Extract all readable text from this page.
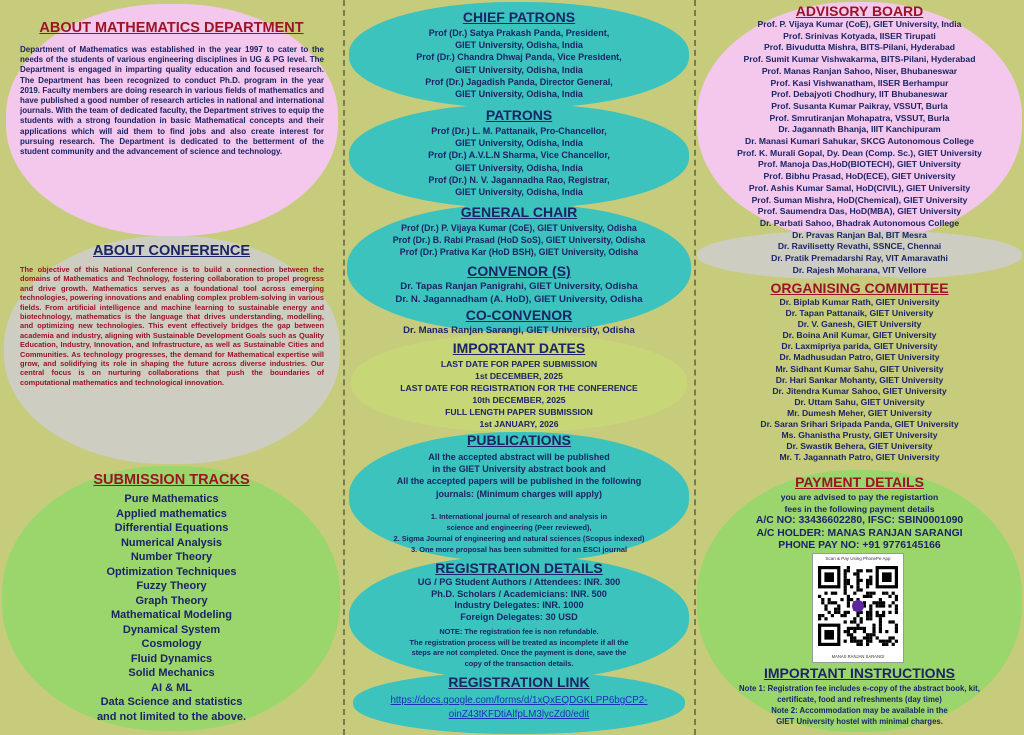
ABOUT MATHEMATICS DEPARTMENT
Department of Mathematics was established in the year 1997 to cater to the needs of the students of various engineering disciplines in UG & PG level. The Department is engaged in imparting quality education and focused research. The Department has been recognized to conduct Ph.D. program in the year 2019. Faculty members are doing research in various fields of mathematics and have published a good number of research articles in national and international journals. With the team of dedicated faculty, the Department strives to equip the students with a strong foundation in basic Mathematical concepts and their applications which will aid them to find jobs and also create interest for pursuing research. The Department is dedicated to the betterment of the student community and the advancement of science and technology.
ABOUT CONFERENCE
The objective of this National Conference is to build a connection between the domains of Mathematics and Technology, fostering collaboration to propel progress and drive growth. Mathematics serves as a foundational tool across emerging technologies, powering innovations and enabling complex problem-solving in various fields. From artificial intelligence and machine learning to sustainable energy and biotechnology, mathematics is the language that drives understanding, modelling, and optimizing new technologies. This event effectively bridges the gap between academia and industry, aligning with Sustainable Development Goals such as Quality Education, Industry, Innovation, and Infrastructure, as well as Sustainable Cities and Communities. As technology progresses, the demand for Mathematical expertise will grow, and solidifying its role in shaping the future across diverse industries. Our central focus is on nurturing collaborations that push the boundaries of computational mathematics and technological innovation.
SUBMISSION TRACKS
Pure Mathematics
Applied mathematics
Differential Equations
Numerical Analysis
Number Theory
Optimization Techniques
Fuzzy Theory
Graph Theory
Mathematical Modeling
Dynamical System
Cosmology
Fluid Dynamics
Solid Mechanics
AI & ML
Data Science and statistics
and not limited to the above.
CHIEF PATRONS
Prof (Dr.) Satya Prakash Panda, President,
GIET University, Odisha, India
Prof (Dr.) Chandra Dhwaj Panda, Vice President,
GIET University, Odisha, India
Prof (Dr.) Jagadish Panda, Director General,
GIET University, Odisha, India
PATRONS
Prof (Dr.) L. M. Pattanaik, Pro-Chancellor,
GIET University, Odisha, India
Prof (Dr.) A.V.L.N Sharma, Vice Chancellor,
GIET University, Odisha, India
Prof (Dr.) N. V. Jagannadha Rao, Registrar,
GIET University, Odisha, India
GENERAL CHAIR
Prof (Dr.) P. Vijaya Kumar (CoE), GIET University, Odisha
Prof (Dr.) B. Rabi Prasad (HoD SoS), GIET University, Odisha
Prof (Dr.) Prativa Kar (HoD BSH), GIET University, Odisha
CONVENOR (S)
Dr. Tapas Ranjan Panigrahi, GIET University, Odisha
Dr. N. Jagannadham (A. HoD), GIET University, Odisha
CO-CONVENOR
Dr. Manas Ranjan Sarangi, GIET University, Odisha
IMPORTANT DATES
LAST DATE FOR PAPER SUBMISSION
1st DECEMBER, 2025
LAST DATE FOR REGISTRATION FOR THE CONFERENCE
10th DECEMBER, 2025
FULL LENGTH PAPER SUBMISSION
1st JANUARY, 2026
PUBLICATIONS
All the accepted abstract will be published
in the GIET University abstract book and
All the accepted papers will be published in the following
journals: (Minimum charges will apply)
1. International journal of research and analysis in
science and engineering (Peer reviewed),
2. Sigma Journal of engineering and natural sciences (Scopus indexed)
3. One more proposal has been submitted for an ESCI journal
REGISTRATION DETAILS
UG / PG Student Authors / Attendees: INR. 300
Ph.D. Scholars / Academicians: INR. 500
Industry Delegates: INR. 1000
Foreign Delegates: 30 USD
NOTE: The registration fee is non refundable.
The registration process will be treated as incomplete if all the
steps are not completed. Once the payment is done, save the
copy of the transaction details.
REGISTRATION LINK
https://docs.google.com/forms/d/1xQxEQDGKLPP6bgCP2-
oinZ43tKFDtiAlfpLM3lycZd0/edit
ADVISORY BOARD
Prof. P. Vijaya Kumar (CoE), GIET University, India
Prof. Srinivas Kotyada, IISER Tirupati
Prof. Bivudutta Mishra, BITS-Pilani, Hyderabad
Prof. Sumit Kumar Vishwakarma, BITS-Pilani, Hyderabad
Prof. Manas Ranjan Sahoo, Niser, Bhubaneswar
Prof. Kasi Vishwanatham, IISER Berhampur
Prof. Debajyoti Chodhury, IIT Bhubaneswar
Prof. Susanta Kumar Paikray, VSSUT, Burla
Prof. Smrutiranjan Mohapatra, VSSUT, Burla
Dr. Jagannath Bhanja, IIIT Kanchipuram
Dr. Manasi Kumari Sahukar, SKCG Autonomous College
Prof. K. Murali Gopal, Dy. Dean (Comp. Sc.), GIET University
Prof. Manoja Das,HoD(BIOTECH), GIET University
Prof. Bibhu Prasad, HoD(ECE), GIET University
Prof. Ashis Kumar Samal, HoD(CIVIL), GIET University
Prof. Suman Mishra, HoD(Chemical), GIET University
Prof. Saumendra Das, HoD(MBA), GIET University
Dr. Parbati Sahoo, Bhadrak Autonomous College
Dr. Pravas Ranjan Bal, BIT Mesra
Dr. Ravilisetty Revathi, SSNCE, Chennai
Dr. Pratik Premadarshi Ray, VIT Amaravathi
Dr. Rajesh Moharana, VIT Vellore
ORGANISING COMMITTEE
Dr. Biplab Kumar Rath, GIET University
Dr. Tapan Pattanaik, GIET University
Dr. V. Ganesh, GIET University
Dr. Boina Anil Kumar, GIET University
Dr. Laxmipriya parida, GIET University
Dr. Madhusudan Patro, GIET University
Mr. Sidhant Kumar Sahu, GIET University
Dr. Hari Sankar Mohanty, GIET University
Dr. Jitendra Kumar Sahoo, GIET University
Dr. Uttam Sahu, GIET University
Mr. Dumesh Meher, GIET University
Dr. Saran Srihari Sripada Panda, GIET University
Ms. Ghanistha Prusty, GIET University
Dr. Swastik Behera, GIET University
Mr. T. Jagannath Patro, GIET University
PAYMENT DETAILS
you are advised to pay the registartion
fees in the following payment details
A/C NO: 33436602280, IFSC: SBIN0001090
A/C HOLDER: MANAS RANJAN SARANGI
PHONE PAY NO: +91 9776145166
Scan & Pay Using PhonePe App
MANAS RANJAN SARANGI
IMPORTANT INSTRUCTIONS
Note 1: Registration fee includes e-copy of the abstract book, kit,
certificate, food and refreshments (day time)
Note 2: Accommodation may be available in the
GIET University hostel with minimal charges.
